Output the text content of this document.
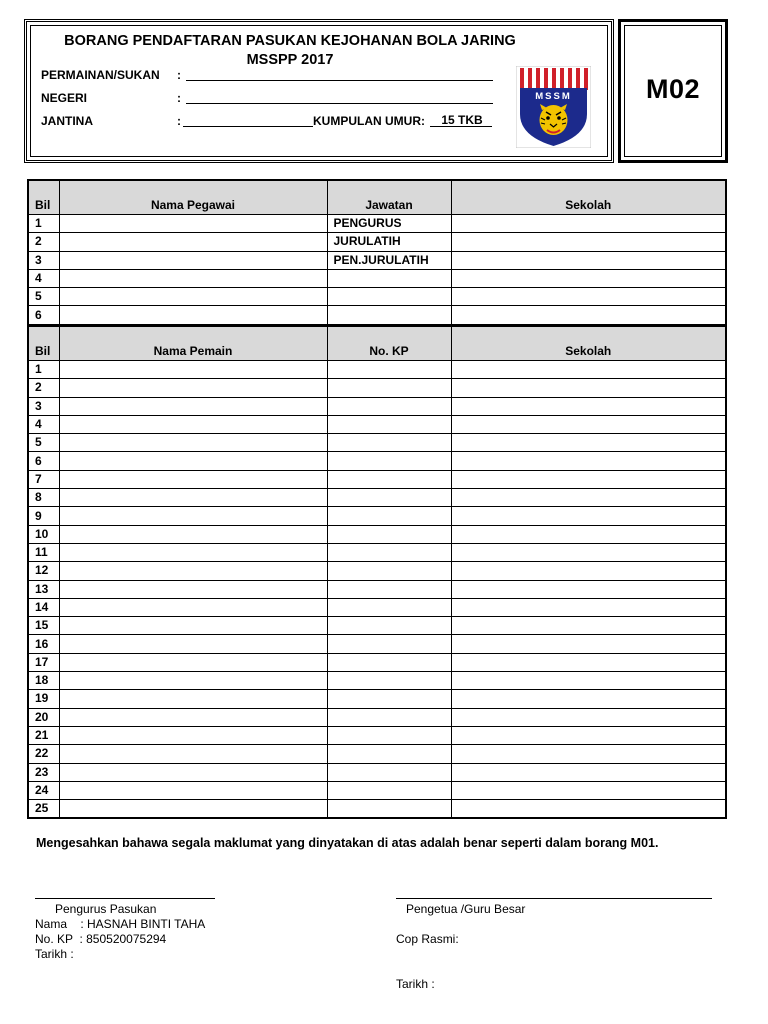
BORANG PENDAFTARAN PASUKAN KEJOHANAN BOLA JARING
MSSPP 2017
PERMAINAN/SUKAN :
NEGERI	:
JANTINA	:	KUMPULAN UMUR:	15 TKB
MSSM	M02
Bil	Nama Pegawai	Jawatan	Sekolah
1		PENGURUS	
2		JURULATIH	
3		PEN.JURULATIH	
4			
5			
6			
Bil	Nama Pemain	No. KP	Sekolah
1			
2			
3			
4			
5			
6			
7			
8			
9			
10			
11			
12			
13			
14			
15			
16			
17			
18			
19			
20			
21			
22			
23			
24			
25			
Mengesahkan bahawa segala maklumat yang dinyatakan di atas adalah benar seperti dalam borang M01.
Pengurus Pasukan
Nama    : HASNAH BINTI TAHA
No. KP  : 850520075294
Tarikh :
Pengetua /Guru Besar
Cop Rasmi:
Tarikh :
